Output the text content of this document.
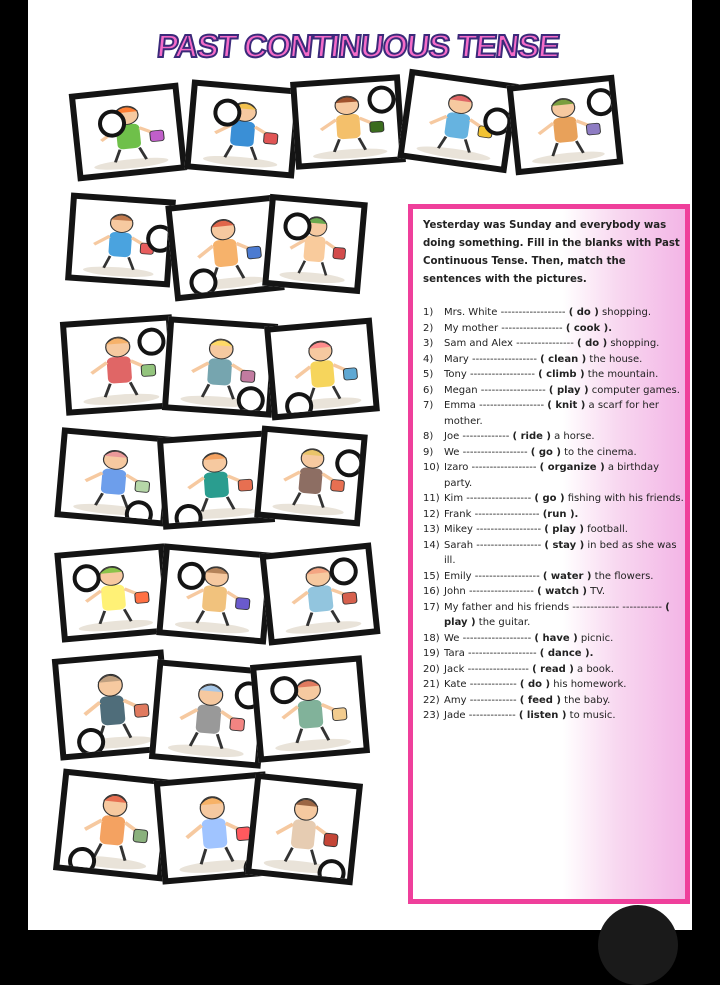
PAST CONTINUOUS TENSE
Yesterday was Sunday and everybody was doing something. Fill in the blanks with Past Continuous Tense. Then, match the sentences with the pictures.
1)	Mrs. White ------------------ ( do ) shopping.
2)	My mother ----------------- ( cook ).
3)	Sam and Alex ---------------- ( do ) shopping.
4)	Mary ------------------ ( clean ) the house.
5)	Tony ------------------ ( climb ) the mountain.
6)	Megan ------------------ ( play ) computer games.
7)	Emma ------------------ ( knit ) a scarf for her mother.
8)	Joe ------------- ( ride ) a horse.
9)	We ------------------ ( go ) to the cinema.
10) Izaro ------------------ ( organize ) a birthday party.
11) Kim ------------------ ( go ) fishing with his friends.
12) Frank ------------------ (run ).
13) Mikey ------------------ ( play ) football.
14) Sarah ------------------ ( stay ) in bed as she was ill.
15) Emily ------------------ ( water ) the flowers.
16) John ------------------ ( watch ) TV.
17) My father and his friends ------------- ----------- ( play ) the guitar.
18) We ------------------- ( have ) picnic.
19) Tara ------------------- ( dance ).
20) Jack ----------------- ( read ) a book.
21) Kate ------------- ( do ) his homework.
22) Amy ------------- ( feed ) the baby.
23) Jade ------------- ( listen ) to music.
